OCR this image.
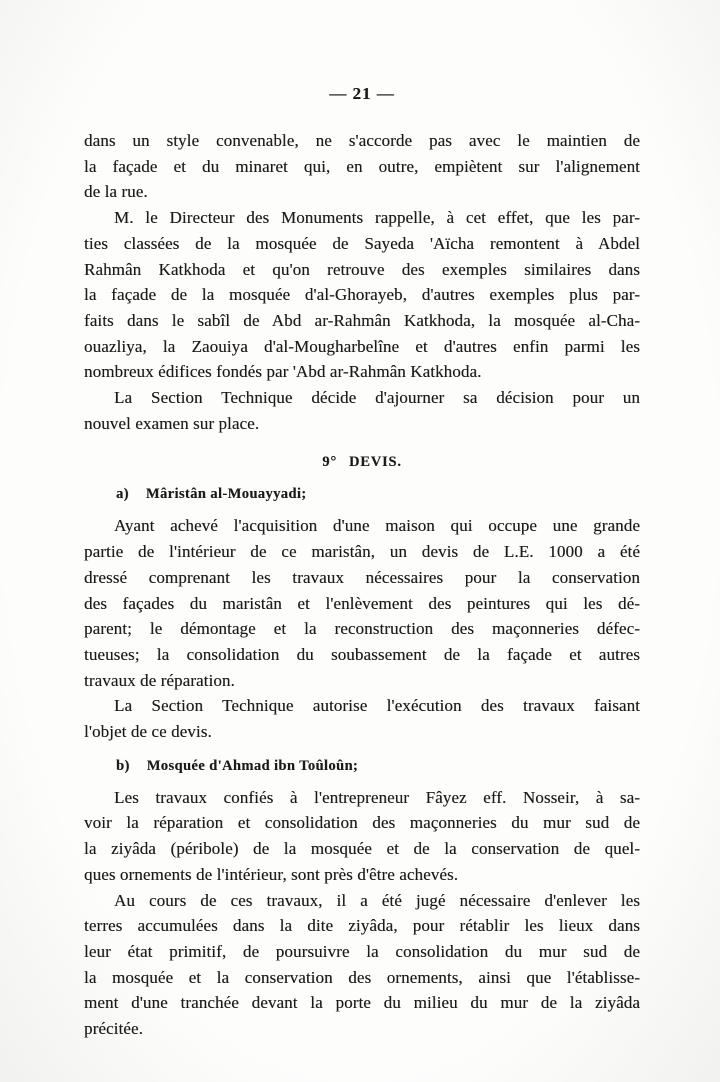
— 21 —
dans un style convenable, ne s'accorde pas avec le maintien de
la façade et du minaret qui, en outre, empiètent sur l'alignement
de la rue.
M. le Directeur des Monuments rappelle, à cet effet, que les par-
ties classées de la mosquée de Sayeda 'Aïcha remontent à Abdel
Rahmân Katkhoda et qu'on retrouve des exemples similaires dans
la façade de la mosquée d'al-Ghorayeb, d'autres exemples plus par-
faits dans le sabîl de Abd ar-Rahmân Katkhoda, la mosquée al-Cha-
ouazliya, la Zaouiya d'al-Mougharbelîne et d'autres enfin parmi les
nombreux édifices fondés par 'Abd ar-Rahmân Katkhoda.
La Section Technique décide d'ajourner sa décision pour un
nouvel examen sur place.
9° DEVIS.
a) Mâristân al-Mouayyadi;
Ayant achevé l'acquisition d'une maison qui occupe une grande
partie de l'intérieur de ce maristân, un devis de L.E. 1000 a été
dressé comprenant les travaux nécessaires pour la conservation
des façades du maristân et l'enlèvement des peintures qui les dé-
parent; le démontage et la reconstruction des maçonneries défec-
tueuses; la consolidation du soubassement de la façade et autres
travaux de réparation.
La Section Technique autorise l'exécution des travaux faisant
l'objet de ce devis.
b) Mosquée d'Ahmad ibn Toûloûn;
Les travaux confiés à l'entrepreneur Fâyez eff. Nosseir, à sa-
voir la réparation et consolidation des maçonneries du mur sud de
la ziyâda (péribole) de la mosquée et de la conservation de quel-
ques ornements de l'intérieur, sont près d'être achevés.
Au cours de ces travaux, il a été jugé nécessaire d'enlever les
terres accumulées dans la dite ziyâda, pour rétablir les lieux dans
leur état primitif, de poursuivre la consolidation du mur sud de
la mosquée et la conservation des ornements, ainsi que l'établisse-
ment d'une tranchée devant la porte du milieu du mur de la ziyâda
précitée.
